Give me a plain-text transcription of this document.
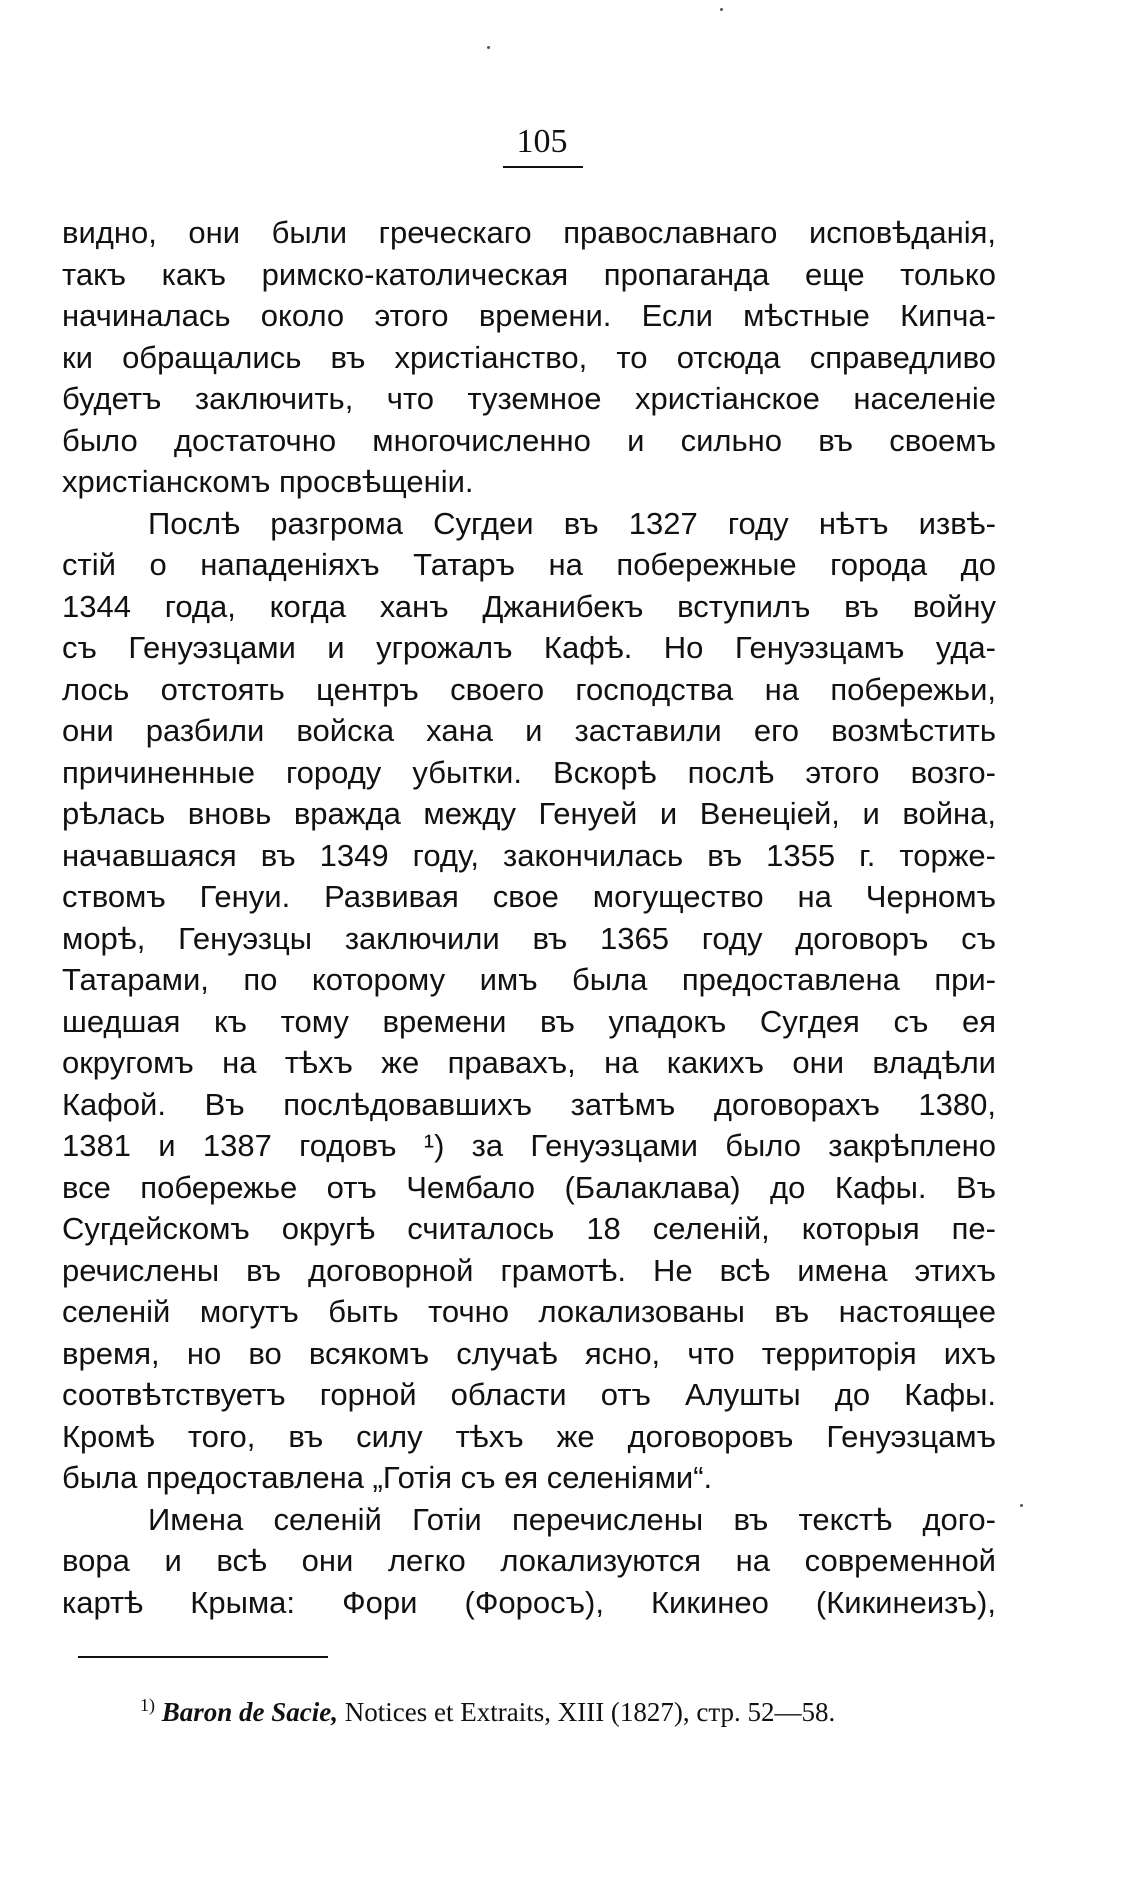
105
видно, они были греческаго православнаго исповѣданія,
такъ какъ римско-католическая пропаганда еще только
начиналась около этого времени. Если мѣстные Кипча-
ки обращались въ христіанство, то отсюда справедливо
будетъ заключить, что туземное христіанское населеніе
было достаточно многочисленно и сильно въ своемъ
христіанскомъ просвѣщеніи.
Послѣ разгрома Сугдеи въ 1327 году нѣтъ извѣ-
стій о нападеніяхъ Татаръ на побережные города до
1344 года, когда ханъ Джанибекъ вступилъ въ войну
съ Генуэзцами и угрожалъ Кафѣ. Но Генуэзцамъ уда-
лось отстоять центръ своего господства на побережьи,
они разбили войска хана и заставили его возмѣстить
причиненные городу убытки. Вскорѣ послѣ этого возго-
рѣлась вновь вражда между Генуей и Венеціей, и война,
начавшаяся въ 1349 году, закончилась въ 1355 г. торже-
ствомъ Генуи. Развивая свое могущество на Черномъ
морѣ, Генуэзцы заключили въ 1365 году договоръ съ
Татарами, по которому имъ была предоставлена при-
шедшая къ тому времени въ упадокъ Сугдея съ ея
округомъ на тѣхъ же правахъ, на какихъ они владѣли
Кафой. Въ послѣдовавшихъ затѣмъ договорахъ 1380,
1381 и 1387 годовъ ¹) за Генуэзцами было закрѣплено
все побережье отъ Чембало (Балаклава) до Кафы. Въ
Сугдейскомъ округѣ считалось 18 селеній, которыя пе-
речислены въ договорной грамотѣ. Не всѣ имена этихъ
селеній могутъ быть точно локализованы въ настоящее
время, но во всякомъ случаѣ ясно, что территорія ихъ
соотвѣтствуетъ горной области отъ Алушты до Кафы.
Кромѣ того, въ силу тѣхъ же договоровъ Генуэзцамъ
была предоставлена „Готія съ ея селеніями“.
Имена селеній Готіи перечислены въ текстѣ дого-
вора и всѣ они легко локализуются на современной
картѣ Крыма: Фори (Форосъ), Кикинео (Кикинеизъ),
$^{1)}$ Baron de Sacie, Notices et Extraits, XIII (1827), стр. 52—58.
